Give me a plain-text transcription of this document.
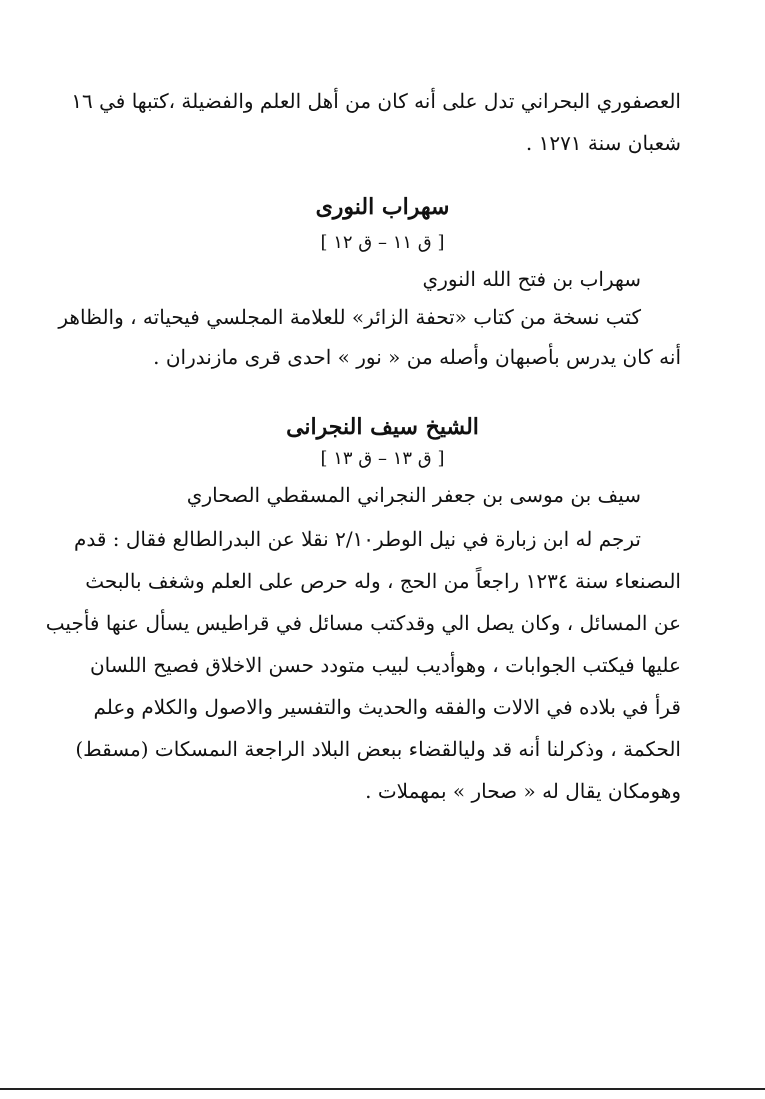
العصفوري البحراني تدل على أنه كان من أهل العلم والفضيلة ،كتبها في ١٦
شعبان سنة ١٢٧١ .
سهراب النورى
[ ق ١١ – ق ١٢ ]
سهراب بن فتح الله النوري
كتب نسخة من كتاب «تحفة الزائر» للعلامة المجلسي فيحياته ، والظاهر
أنه كان يدرس بأصبهان وأصله من « نور » احدى قرى مازندران .
الشيخ سيف النجرانى
[ ق ١٣ – ق ١٣ ]
سيف بن موسى بن جعفر النجراني المسقطي الصحاري
ترجم له ابن زبارة في نيل الوطر٢/١٠ نقلا عن البدرالطالع فقال : قدم
الىصنعاء سنة ١٢٣٤ راجعاً من الحج ، وله حرص على العلم وشغف بالبحث
عن المسائل ، وكان يصل الي وقدكتب مسائل في قراطيس يسأل عنها فأجيب
عليها فيكتب الجوابات ، وهوأديب لبيب متودد حسن الاخلاق فصيح اللسان
قرأ في بلاده في الالات والفقه والحديث والتفسير والاصول والكلام وعلم
الحكمة ، وذكرلنا أنه قد وليالقضاء ببعض البلاد الراجعة الىمسكات (مسقط)
وهومكان يقال له « صحار » بمهملات .
